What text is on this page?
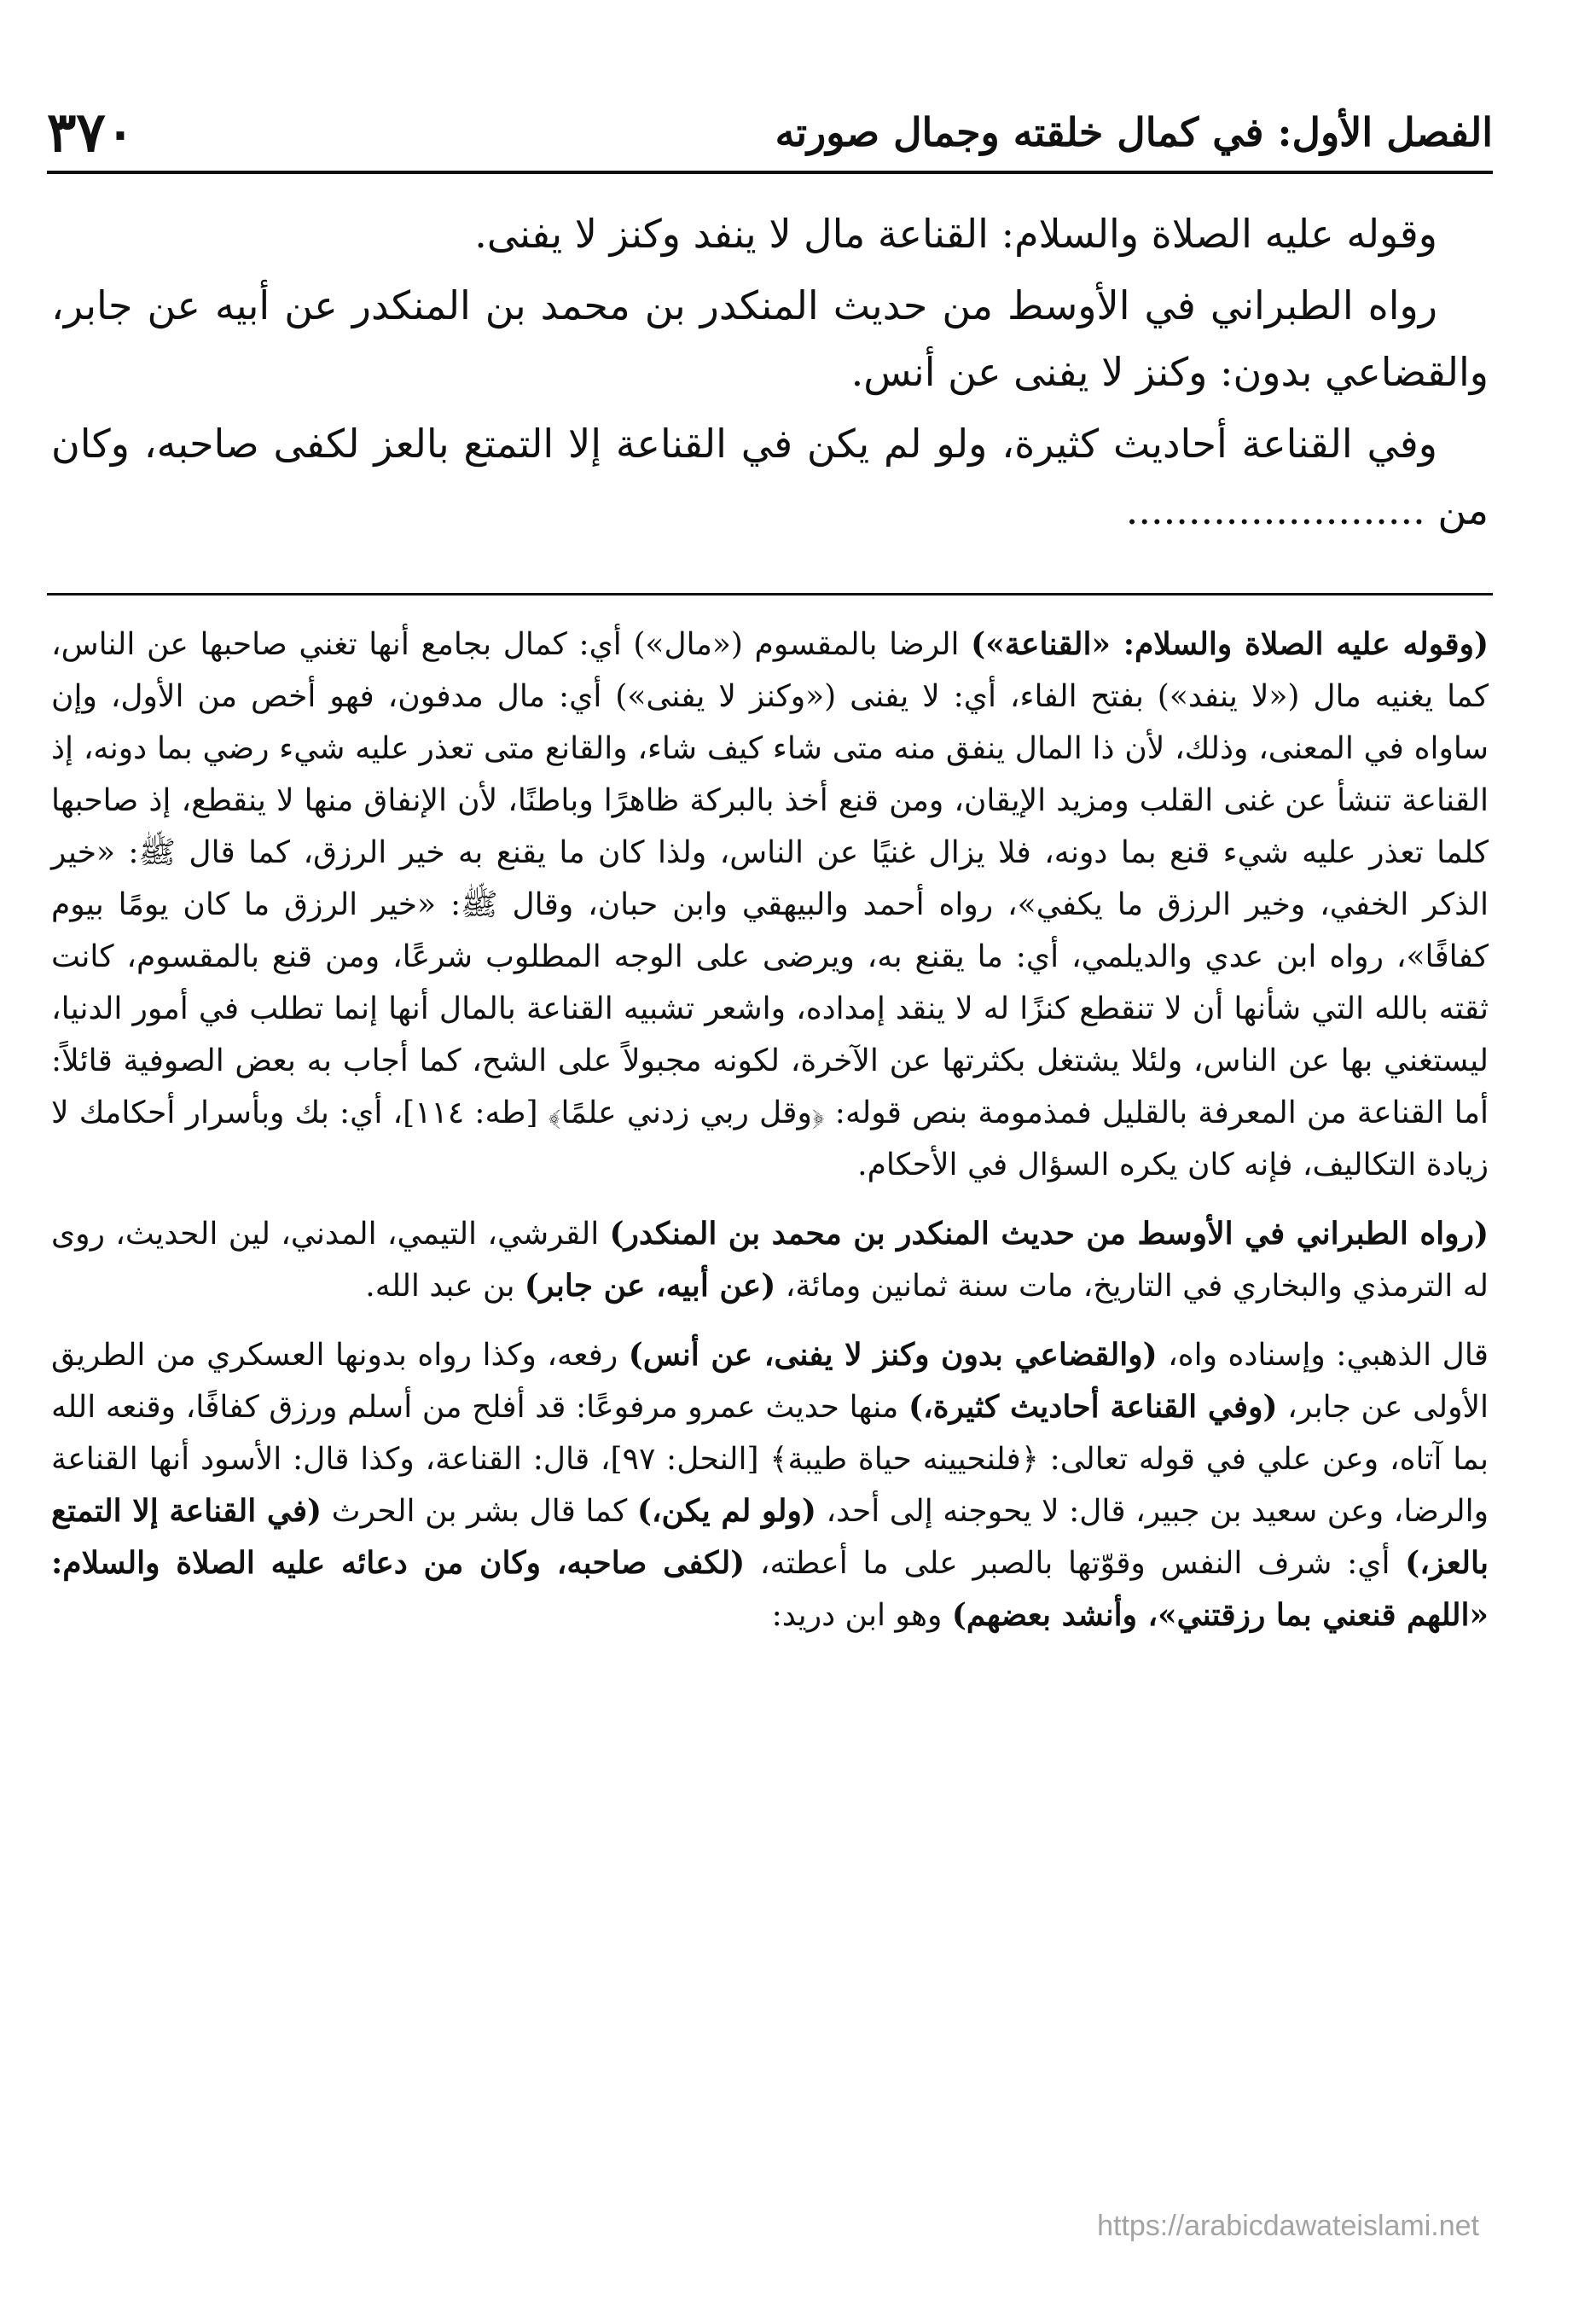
٣٧٠	الفصل الأول: في كمال خلقته وجمال صورته

وقوله عليه الصلاة والسلام: القناعة مال لا ينفد وكنز لا يفنى.

رواه الطبراني في الأوسط من حديث المنكدر بن محمد بن المنكدر عن أبيه عن جابر، والقضاعي بدون: وكنز لا يفنى عن أنس.

وفي القناعة أحاديث كثيرة، ولو لم يكن في القناعة إلا التمتع بالعز لكفى صاحبه، وكان من ........................

(وقوله عليه الصلاة والسلام: «القناعة») الرضا بالمقسوم («مال») أي: كمال بجامع أنها تغني صاحبها عن الناس، كما يغنيه مال («لا ينفد») بفتح الفاء، أي: لا يفنى («وكنز لا يفنى») أي: مال مدفون، فهو أخص من الأول، وإن ساواه في المعنى، وذلك، لأن ذا المال ينفق منه متى شاء كيف شاء، والقانع متى تعذر عليه شيء رضي بما دونه، إذ القناعة تنشأ عن غنى القلب ومزيد الإيقان، ومن قنع أخذ بالبركة ظاهرًا وباطنًا، لأن الإنفاق منها لا ينقطع، إذ صاحبها كلما تعذر عليه شيء قنع بما دونه، فلا يزال غنيًا عن الناس، ولذا كان ما يقنع به خير الرزق، كما قال ﷺ: «خير الذكر الخفي، وخير الرزق ما يكفي»، رواه أحمد والبيهقي وابن حبان، وقال ﷺ: «خير الرزق ما كان يومًا بيوم كفافًا»، رواه ابن عدي والديلمي، أي: ما يقنع به، ويرضى على الوجه المطلوب شرعًا، ومن قنع بالمقسوم، كانت ثقته بالله التي شأنها أن لا تنقطع كنزًا له لا ينقد إمداده، واشعر تشبيه القناعة بالمال أنها إنما تطلب في أمور الدنيا، ليستغني بها عن الناس، ولئلا يشتغل بكثرتها عن الآخرة، لكونه مجبولاً على الشح، كما أجاب به بعض الصوفية قائلاً: أما القناعة من المعرفة بالقليل فمذمومة بنص قوله: ﴿وقل ربي زدني علمًا﴾ [طه: ١١٤]، أي: بك وبأسرار أحكامك لا زيادة التكاليف، فإنه كان يكره السؤال في الأحكام.

(رواه الطبراني في الأوسط من حديث المنكدر بن محمد بن المنكدر) القرشي، التيمي، المدني، لين الحديث، روى له الترمذي والبخاري في التاريخ، مات سنة ثمانين ومائة، (عن أبيه، عن جابر) بن عبد الله.

قال الذهبي: وإسناده واه، (والقضاعي بدون وكنز لا يفنى، عن أنس) رفعه، وكذا رواه بدونها العسكري من الطريق الأولى عن جابر، (وفي القناعة أحاديث كثيرة،) منها حديث عمرو مرفوعًا: قد أفلح من أسلم ورزق كفافًا، وقنعه الله بما آتاه، وعن علي في قوله تعالى: ﴿فلنحيينه حياة طيبة﴾ [النحل: ٩٧]، قال: القناعة، وكذا قال: الأسود أنها القناعة والرضا، وعن سعيد بن جبير، قال: لا يحوجنه إلى أحد، (ولو لم يكن،) كما قال بشر بن الحرث (في القناعة إلا التمتع بالعز،) أي: شرف النفس وقوّتها بالصبر على ما أعطته، (لكفى صاحبه، وكان من دعائه عليه الصلاة والسلام: «اللهم قنعني بما رزقتني»، وأنشد بعضهم) وهو ابن دريد:

https://arabicdawateislami.net
